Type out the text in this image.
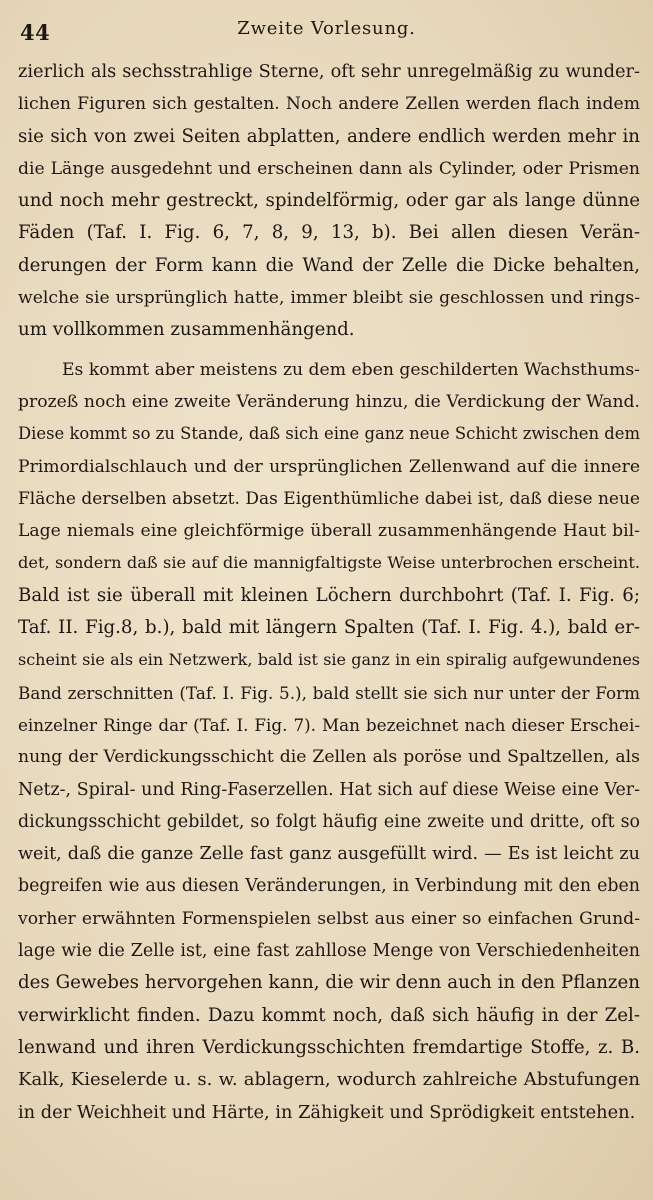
44	Zweite Vorlesung.
zierlich als sechsstrahlige Sterne, oft sehr unregelmäßig zu wunder-
lichen Figuren sich gestalten. Noch andere Zellen werden flach indem
sie sich von zwei Seiten abplatten, andere endlich werden mehr in
die Länge ausgedehnt und erscheinen dann als Cylinder, oder Prismen
und noch mehr gestreckt, spindelförmig, oder gar als lange dünne
Fäden (Taf. I. Fig. 6, 7, 8, 9, 13, b). Bei allen diesen Verän-
derungen der Form kann die Wand der Zelle die Dicke behalten,
welche sie ursprünglich hatte, immer bleibt sie geschlossen und rings-
um vollkommen zusammenhängend.
Es kommt aber meistens zu dem eben geschilderten Wachsthums-
prozeß noch eine zweite Veränderung hinzu, die Verdickung der Wand.
Diese kommt so zu Stande, daß sich eine ganz neue Schicht zwischen dem
Primordialschlauch und der ursprünglichen Zellenwand auf die innere
Fläche derselben absetzt. Das Eigenthümliche dabei ist, daß diese neue
Lage niemals eine gleichförmige überall zusammenhängende Haut bil-
det, sondern daß sie auf die mannigfaltigste Weise unterbrochen erscheint.
Bald ist sie überall mit kleinen Löchern durchbohrt (Taf. I. Fig. 6;
Taf. II. Fig.8, b.), bald mit längern Spalten (Taf. I. Fig. 4.), bald er-
scheint sie als ein Netzwerk, bald ist sie ganz in ein spiralig aufgewundenes
Band zerschnitten (Taf. I. Fig. 5.), bald stellt sie sich nur unter der Form
einzelner Ringe dar (Taf. I. Fig. 7). Man bezeichnet nach dieser Erschei-
nung der Verdickungsschicht die Zellen als poröse und Spaltzellen, als
Netz-, Spiral- und Ring-Faserzellen. Hat sich auf diese Weise eine Ver-
dickungsschicht gebildet, so folgt häufig eine zweite und dritte, oft so
weit, daß die ganze Zelle fast ganz ausgefüllt wird. — Es ist leicht zu
begreifen wie aus diesen Veränderungen, in Verbindung mit den eben
vorher erwähnten Formenspielen selbst aus einer so einfachen Grund-
lage wie die Zelle ist, eine fast zahllose Menge von Verschiedenheiten
des Gewebes hervorgehen kann, die wir denn auch in den Pflanzen
verwirklicht finden. Dazu kommt noch, daß sich häufig in der Zel-
lenwand und ihren Verdickungsschichten fremdartige Stoffe, z. B.
Kalk, Kieselerde u. s. w. ablagern, wodurch zahlreiche Abstufungen
in der Weichheit und Härte, in Zähigkeit und Sprödigkeit entstehen.
